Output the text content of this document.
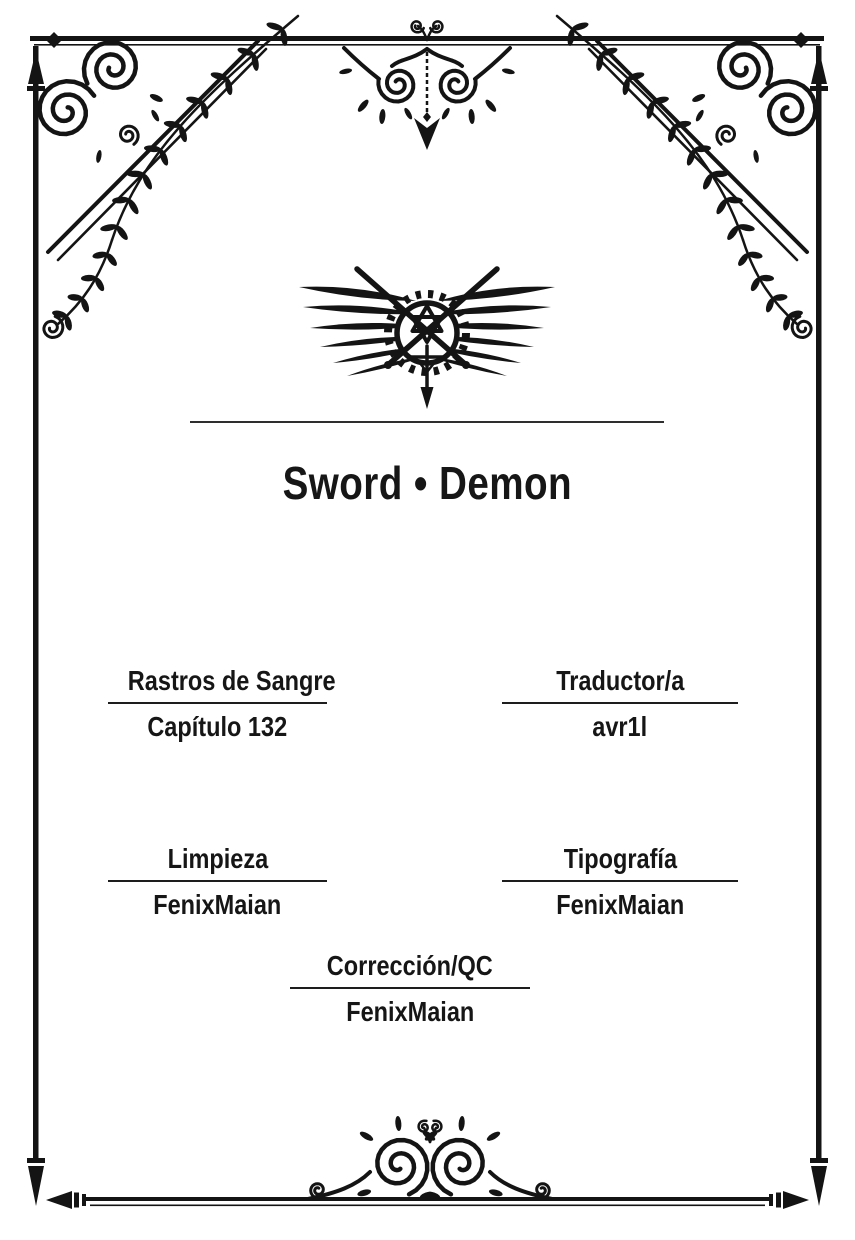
Sword • Demon
Rastros de Sangre
Capítulo 132
Traductor/a
avr1l
Limpieza
FenixMaian
Tipografía
FenixMaian
Corrección/QC
FenixMaian
